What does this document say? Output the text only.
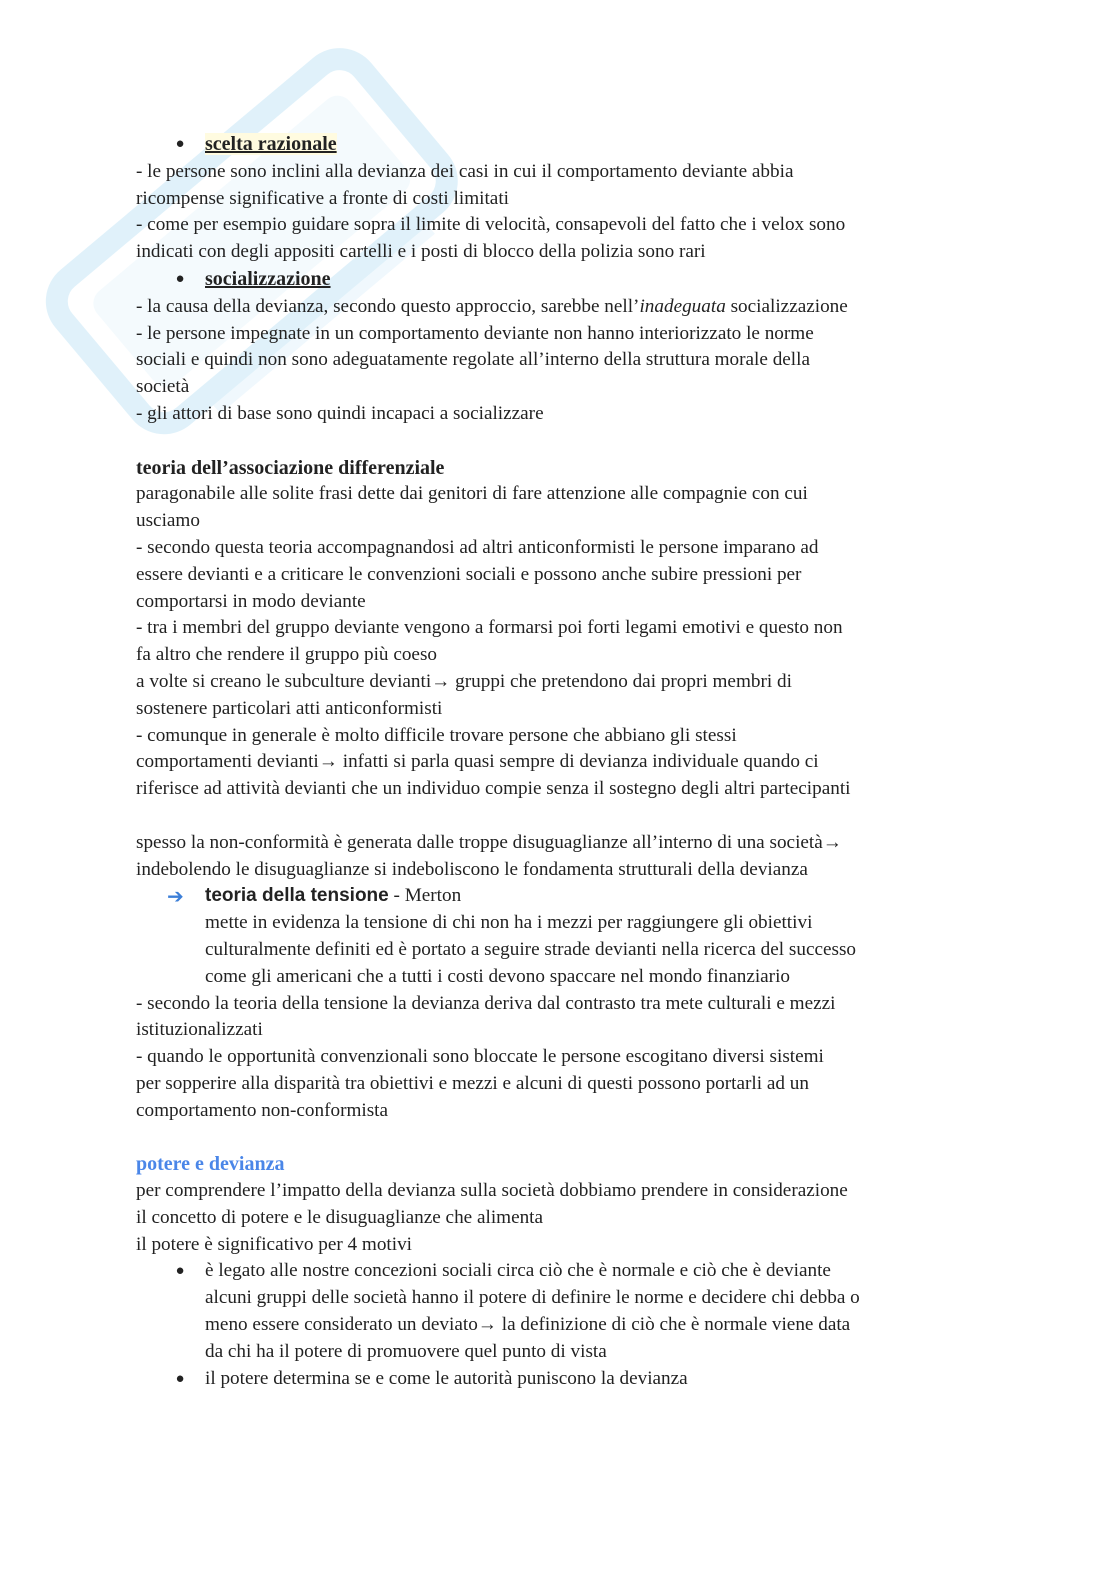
● scelta razionale
- le persone sono inclini alla devianza dei casi in cui il comportamento deviante abbia
ricompense significative a fronte di costi limitati
- come per esempio guidare sopra il limite di velocità, consapevoli del fatto che i velox sono
indicati con degli appositi cartelli e i posti di blocco della polizia sono rari
● socializzazione
- la causa della devianza, secondo questo approccio, sarebbe nell’inadeguata socializzazione
- le persone impegnate in un comportamento deviante non hanno interiorizzato le norme
sociali e quindi non sono adeguatamente regolate all’interno della struttura morale della
società
- gli attori di base sono quindi incapaci a socializzare
teoria dell’associazione differenziale
paragonabile alle solite frasi dette dai genitori di fare attenzione alle compagnie con cui
usciamo
- secondo questa teoria accompagnandosi ad altri anticonformisti le persone imparano ad
essere devianti e a criticare le convenzioni sociali e possono anche subire pressioni per
comportarsi in modo deviante
- tra i membri del gruppo deviante vengono a formarsi poi forti legami emotivi e questo non
fa altro che rendere il gruppo più coeso
a volte si creano le subculture devianti→ gruppi che pretendono dai propri membri di
sostenere particolari atti anticonformisti
- comunque in generale è molto difficile trovare persone che abbiano gli stessi
comportamenti devianti→ infatti si parla quasi sempre di devianza individuale quando ci
riferisce ad attività devianti che un individuo compie senza il sostegno degli altri partecipanti
spesso la non-conformità è generata dalle troppe disuguaglianze all’interno di una società→
indebolendo le disuguaglianze si indeboliscono le fondamenta strutturali della devianza
➔ teoria della tensione - Merton
mette in evidenza la tensione di chi non ha i mezzi per raggiungere gli obiettivi
culturalmente definiti ed è portato a seguire strade devianti nella ricerca del successo
come gli americani che a tutti i costi devono spaccare nel mondo finanziario
- secondo la teoria della tensione la devianza deriva dal contrasto tra mete culturali e mezzi
istituzionalizzati
- quando le opportunità convenzionali sono bloccate le persone escogitano diversi sistemi
per sopperire alla disparità tra obiettivi e mezzi e alcuni di questi possono portarli ad un
comportamento non-conformista
potere e devianza
per comprendere l’impatto della devianza sulla società dobbiamo prendere in considerazione
il concetto di potere e le disuguaglianze che alimenta
il potere è significativo per 4 motivi
● è legato alle nostre concezioni sociali circa ciò che è normale e ciò che è deviante
alcuni gruppi delle società hanno il potere di definire le norme e decidere chi debba o
meno essere considerato un deviato→ la definizione di ciò che è normale viene data
da chi ha il potere di promuovere quel punto di vista
● il potere determina se e come le autorità puniscono la devianza
